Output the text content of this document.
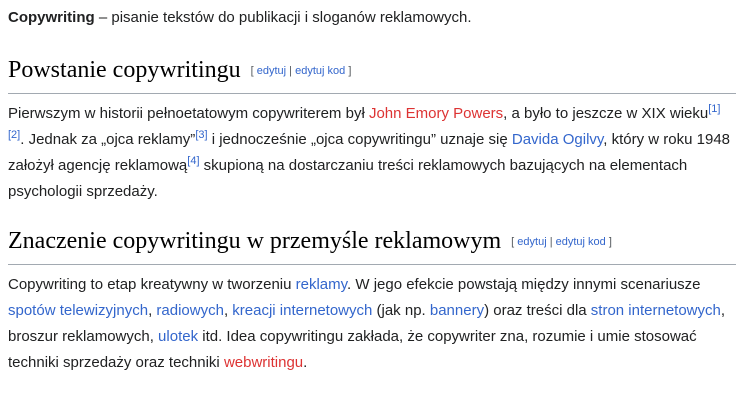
Copywriting – pisanie tekstów do publikacji i sloganów reklamowych.
Powstanie copywritingu [ edytuj | edytuj kod ]
Pierwszym w historii pełnoetatowym copywriterem był John Emory Powers, a było to jeszcze w XIX wieku[1][2]. Jednak za „ojca reklamy”[3] i jednocześnie „ojca copywritingu” uznaje się Davida Ogilvy, który w roku 1948 założył agencję reklamową[4] skupioną na dostarczaniu treści reklamowych bazujących na elementach psychologii sprzedaży.
Znaczenie copywritingu w przemyśle reklamowym [ edytuj | edytuj kod ]
Copywriting to etap kreatywny w tworzeniu reklamy. W jego efekcie powstają między innymi scenariusze spotów telewizyjnych, radiowych, kreacji internetowych (jak np. bannery) oraz treści dla stron internetowych, broszur reklamowych, ulotek itd. Idea copywritingu zakłada, że copywriter zna, rozumie i umie stosować techniki sprzedaży oraz techniki webwritingu.
